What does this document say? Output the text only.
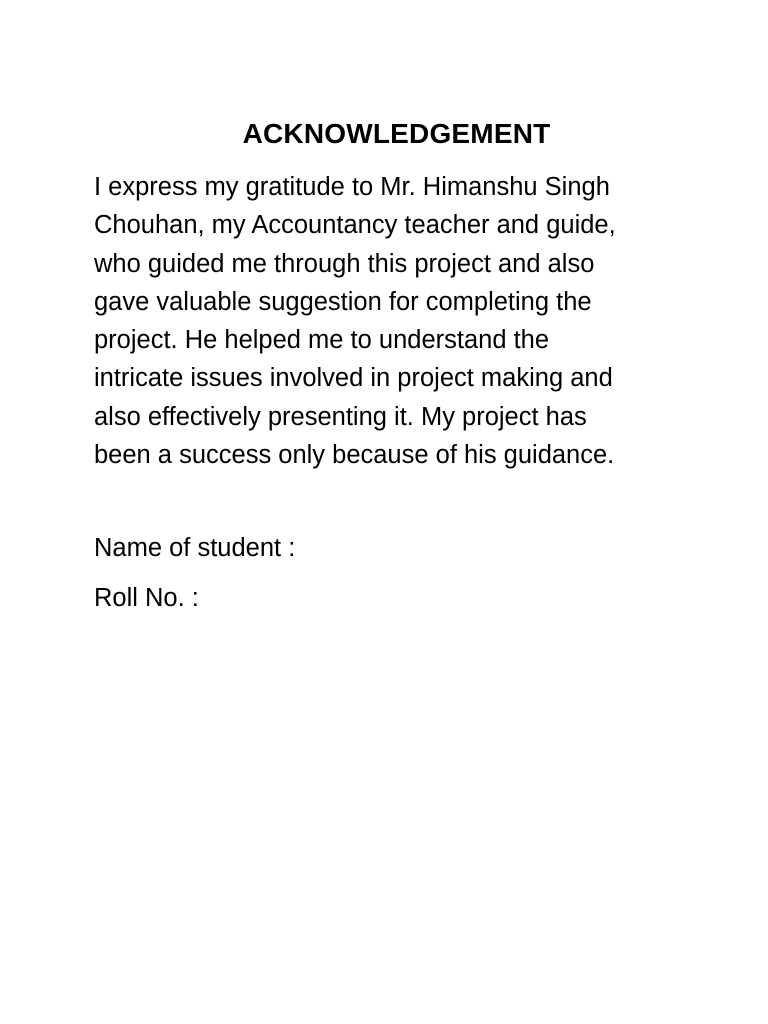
ACKNOWLEDGEMENT
I express my gratitude to Mr. Himanshu Singh
Chouhan, my Accountancy teacher and guide,
who guided me through this project and also
gave valuable suggestion for completing the
project. He helped me to understand the
intricate issues involved in project making and
also effectively presenting it. My project has
been a success only because of his guidance.
Name of student :
Roll No. :
